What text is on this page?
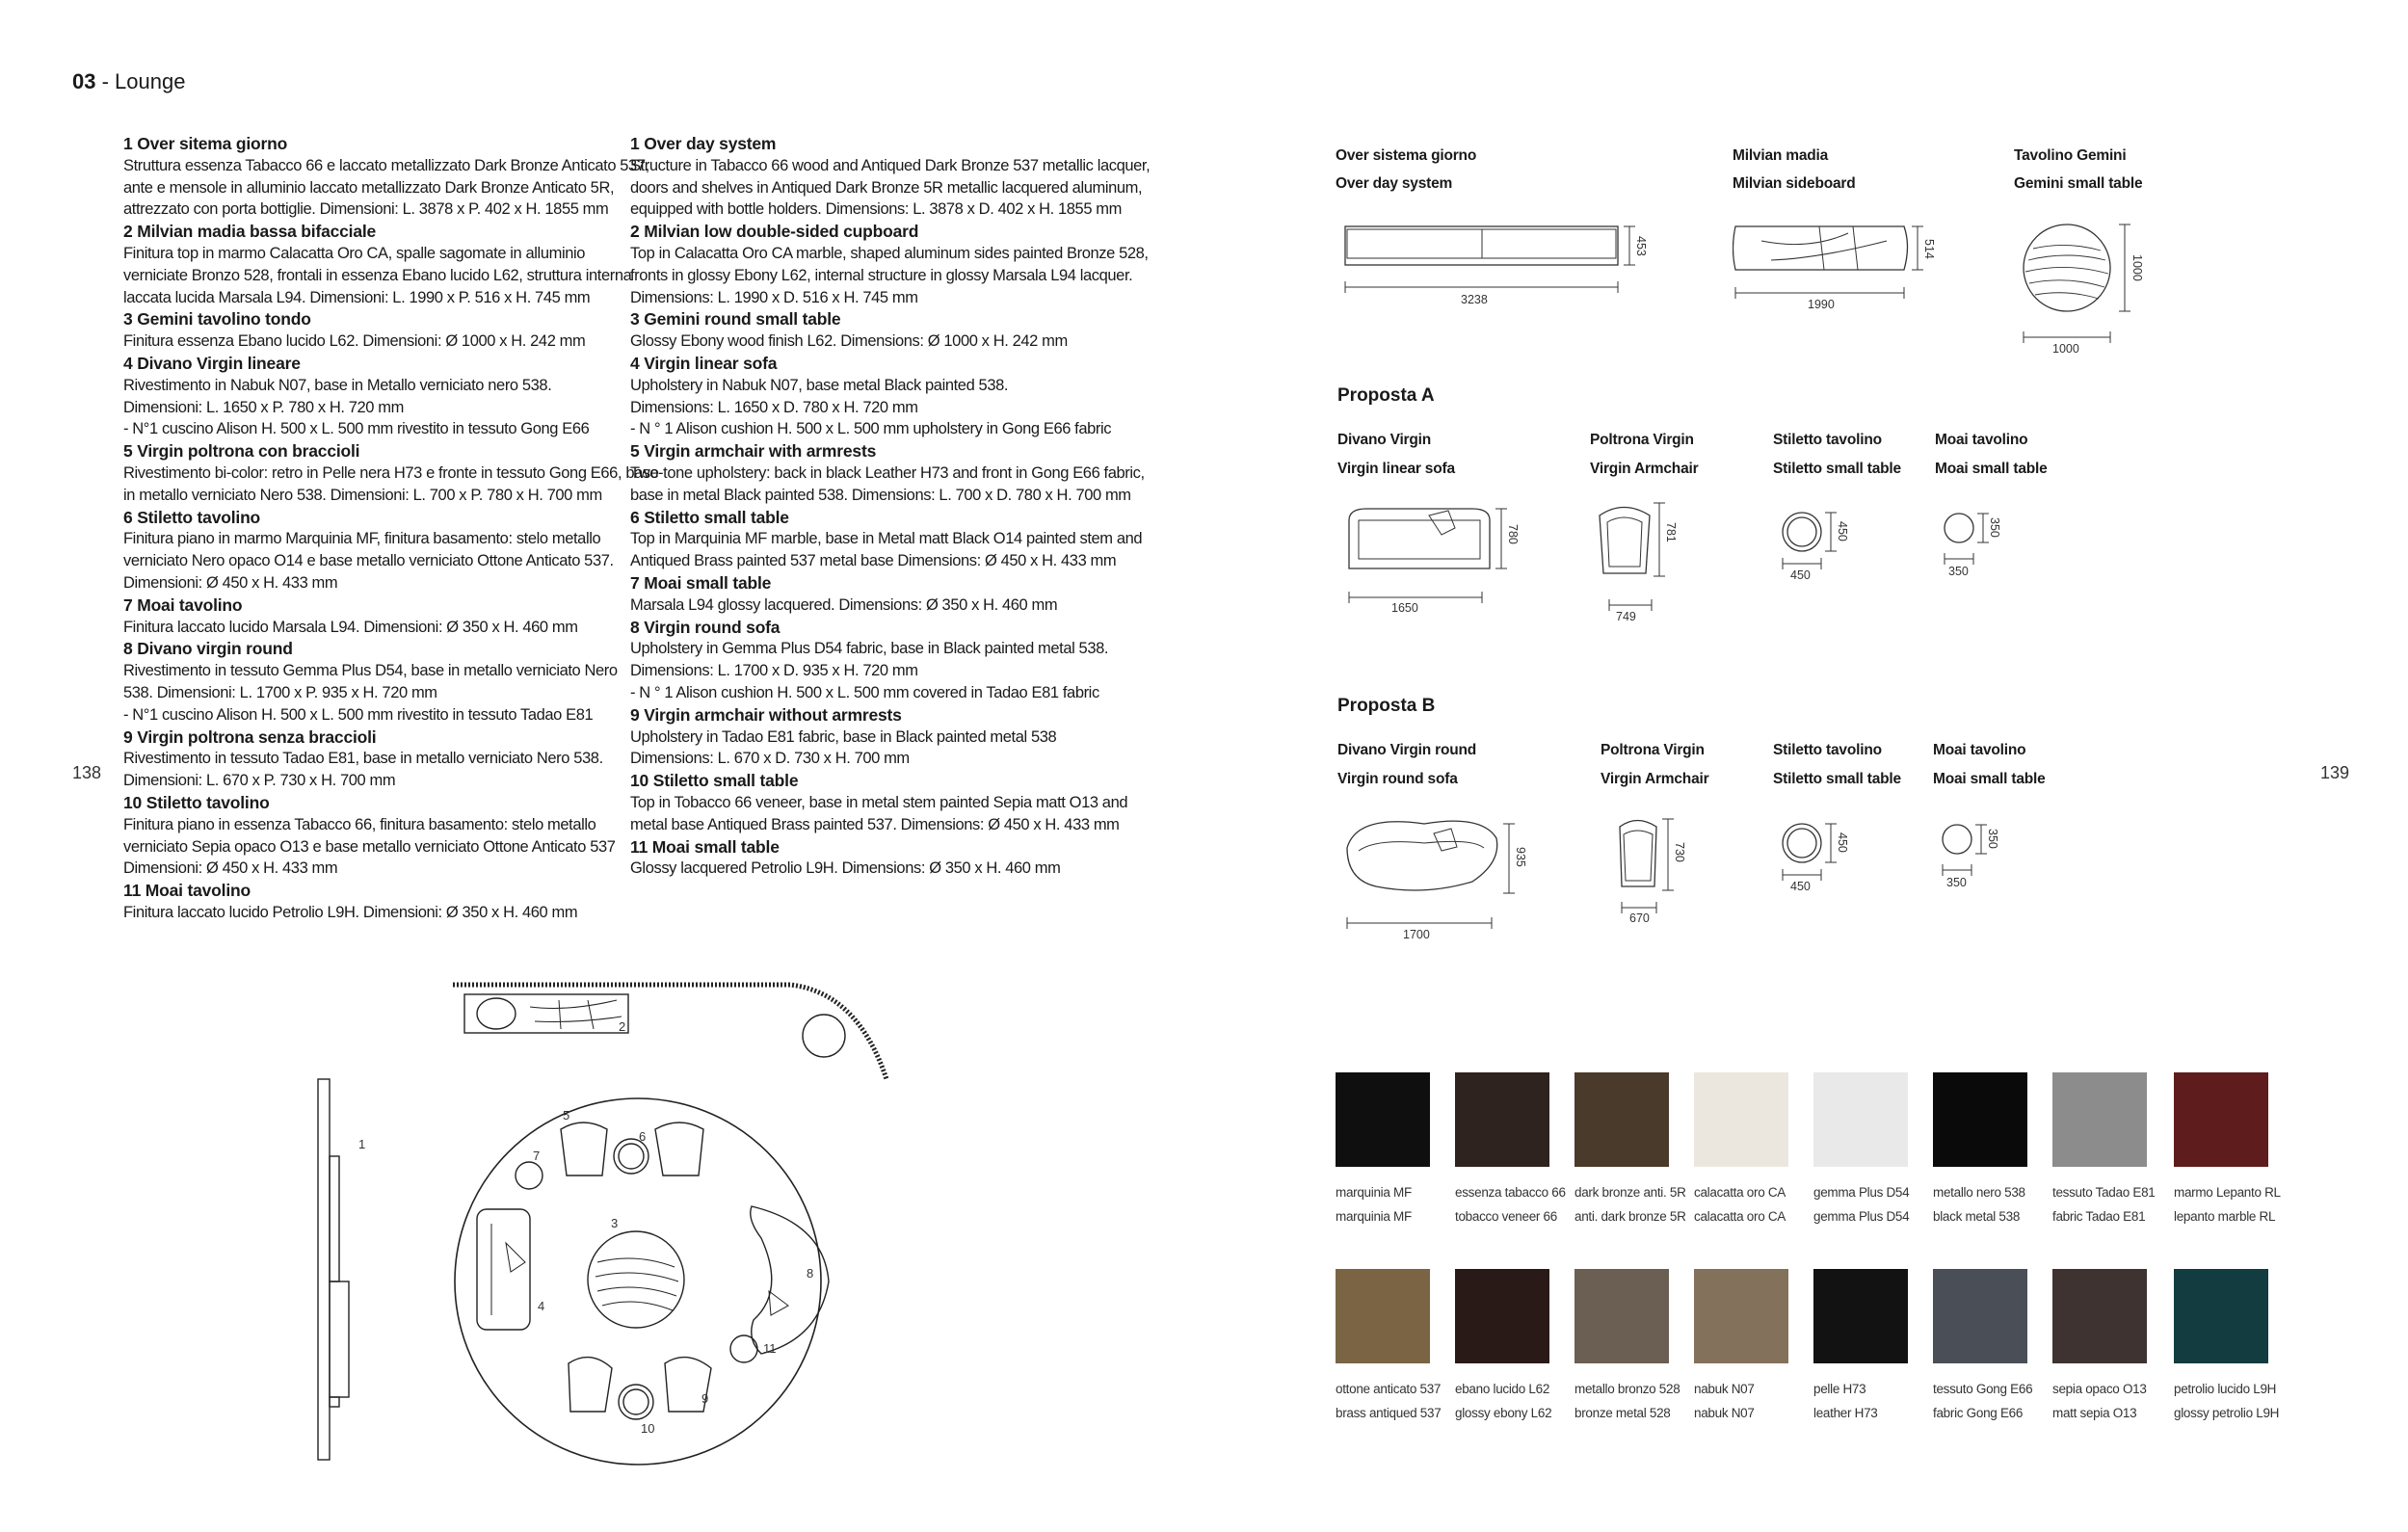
03 - Lounge
138	139
1 Over sitema giorno
Struttura essenza Tabacco 66 e laccato metallizzato Dark Bronze Anticato 537,
ante e mensole in alluminio laccato metallizzato Dark Bronze Anticato 5R,
attrezzato con porta bottiglie. Dimensioni: L. 3878 x P. 402 x H. 1855 mm
2 Milvian madia bassa bifacciale
Finitura top in marmo Calacatta Oro CA, spalle sagomate in alluminio
verniciate Bronzo 528, frontali in essenza Ebano lucido L62, struttura interna
laccata lucida Marsala L94. Dimensioni: L. 1990 x P. 516 x H. 745 mm
3 Gemini tavolino tondo
Finitura essenza Ebano lucido L62. Dimensioni: Ø 1000 x H. 242 mm
4 Divano Virgin lineare
Rivestimento in Nabuk N07, base in Metallo verniciato nero 538.
Dimensioni: L. 1650 x P. 780 x H. 720 mm
- N°1 cuscino Alison H. 500 x L. 500 mm rivestito in tessuto Gong E66
5 Virgin poltrona con braccioli
Rivestimento bi-color: retro in Pelle nera H73 e fronte in tessuto Gong E66, base
in metallo verniciato Nero 538. Dimensioni: L. 700 x P. 780 x H. 700 mm
6 Stiletto tavolino
Finitura piano in marmo Marquinia MF, finitura basamento: stelo metallo
verniciato Nero opaco O14 e base metallo verniciato Ottone Anticato 537.
Dimensioni: Ø 450 x H. 433 mm
7 Moai tavolino
Finitura laccato lucido Marsala L94. Dimensioni: Ø 350 x H. 460 mm
8 Divano virgin round
Rivestimento in tessuto Gemma Plus D54, base in metallo verniciato Nero
538. Dimensioni: L. 1700 x P. 935 x H. 720 mm
- N°1 cuscino Alison H. 500 x L. 500 mm rivestito in tessuto Tadao E81
9 Virgin poltrona senza braccioli
Rivestimento in tessuto Tadao E81, base in metallo verniciato Nero 538.
Dimensioni: L. 670 x P. 730 x H. 700 mm
10 Stiletto tavolino
Finitura piano in essenza Tabacco 66, finitura basamento: stelo metallo
verniciato Sepia opaco O13 e base metallo verniciato Ottone Anticato 537
Dimensioni: Ø 450 x H. 433 mm
11 Moai tavolino
Finitura laccato lucido Petrolio L9H. Dimensioni: Ø 350 x H. 460 mm
1 Over day system
Structure in Tabacco 66 wood and Antiqued Dark Bronze 537 metallic lacquer,
doors and shelves in Antiqued Dark Bronze 5R metallic lacquered aluminum,
equipped with bottle holders. Dimensions: L. 3878 x D. 402 x H. 1855 mm
2 Milvian low double-sided cupboard
Top in Calacatta Oro CA marble, shaped aluminum sides painted Bronze 528,
fronts in glossy Ebony L62, internal structure in glossy Marsala L94 lacquer.
Dimensions: L. 1990 x D. 516 x H. 745 mm
3 Gemini round small table
Glossy Ebony wood finish L62. Dimensions: Ø 1000 x H. 242 mm
4 Virgin linear sofa
Upholstery in Nabuk N07, base metal Black painted 538.
Dimensions: L. 1650 x D. 780 x H. 720 mm
- N ° 1 Alison cushion H. 500 x L. 500 mm upholstery in Gong E66 fabric
5 Virgin armchair with armrests
Two-tone upholstery: back in black Leather H73 and front in Gong E66 fabric,
base in metal Black painted 538. Dimensions: L. 700 x D. 780 x H. 700 mm
6 Stiletto small table
Top in Marquinia MF marble, base in Metal matt Black O14 painted stem and
Antiqued Brass painted 537 metal base Dimensions: Ø 450 x H. 433 mm
7 Moai small table
Marsala L94 glossy lacquered. Dimensions: Ø 350 x H. 460 mm
8 Virgin round sofa
Upholstery in Gemma Plus D54 fabric, base in Black painted metal 538.
Dimensions: L. 1700 x D. 935 x H. 720 mm
- N ° 1 Alison cushion H. 500 x L. 500 mm covered in Tadao E81 fabric
9 Virgin armchair without armrests
Upholstery in Tadao E81 fabric, base in Black painted metal 538
Dimensions: L. 670 x D. 730 x H. 700 mm
10 Stiletto small table
Top in Tobacco 66 veneer, base in metal stem painted Sepia matt O13 and
metal base Antiqued Brass painted 537. Dimensions: Ø 450 x H. 433 mm
11 Moai small table
Glossy lacquered Petrolio L9H. Dimensions: Ø 350 x H. 460 mm
1
2
3
4
5
6
7
8
9
10
11
Over sistema giorno
Over day system
Milvian madia
Milvian sideboard
Tavolino Gemini
Gemini small table
3238
453
1990
514
1000
1000
Proposta A
Divano Virgin
Virgin linear sofa
Poltrona Virgin
Virgin Armchair
Stiletto tavolino
Stiletto small table
Moai tavolino
Moai small table
1650
780
749
781
450
450
350
350
Proposta B
Divano Virgin round
Virgin round sofa
Poltrona Virgin
Virgin Armchair
Stiletto tavolino
Stiletto small table
Moai tavolino
Moai small table
1700
935
670
730
450
450
350
350
marquinia MF
marquinia MF
essenza tabacco 66
tobacco veneer 66
dark bronze anti. 5R
anti. dark bronze 5R
calacatta oro CA
calacatta oro CA
gemma Plus D54
gemma Plus D54
metallo nero 538
black metal 538
tessuto Tadao E81
fabric Tadao E81
marmo Lepanto RL
lepanto marble RL
ottone anticato 537
brass antiqued 537
ebano lucido L62
glossy ebony L62
metallo bronzo 528
bronze metal 528
nabuk N07
nabuk N07
pelle H73
leather H73
tessuto Gong E66
fabric Gong E66
sepia opaco O13
matt sepia O13
petrolio lucido L9H
glossy petrolio L9H
